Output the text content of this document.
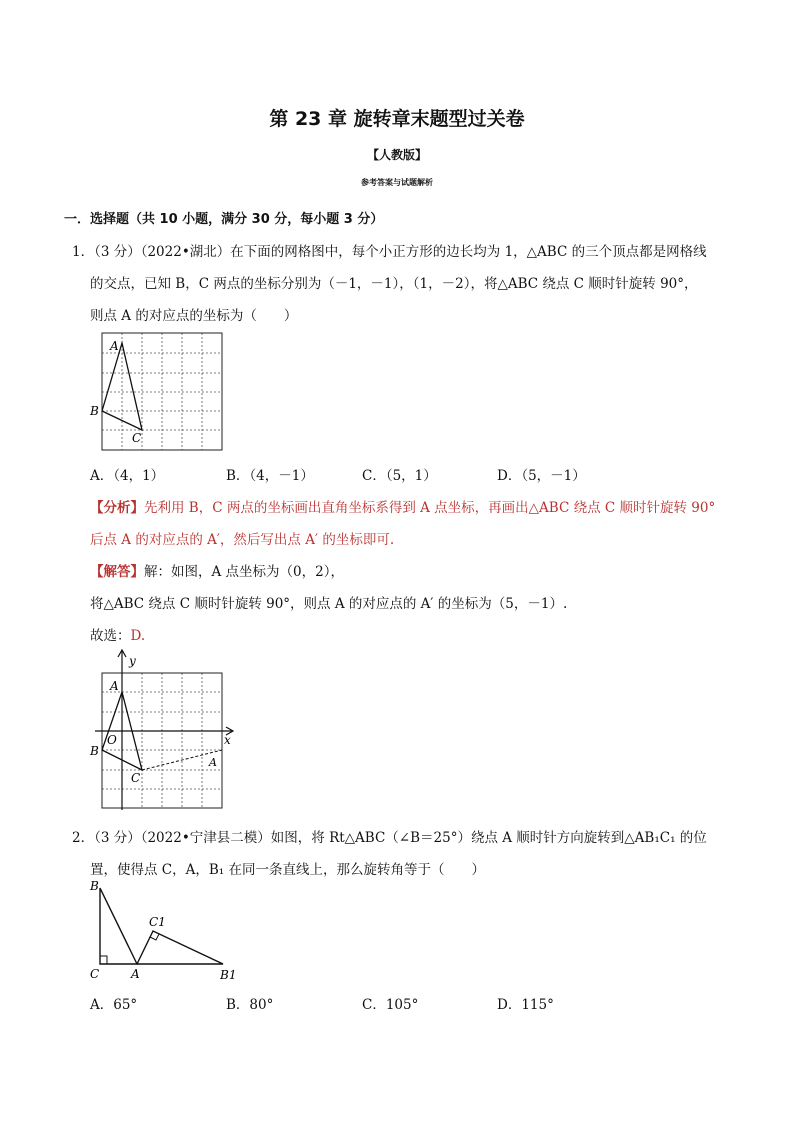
第 23 章 旋转章末题型过关卷
【人教版】
参考答案与试题解析
一．选择题（共 10 小题，满分 30 分，每小题 3 分）
1．（3 分）（2022•湖北）在下面的网格图中，每个小正方形的边长均为 1，△ABC 的三个顶点都是网格线
的交点，已知 B，C 两点的坐标分别为（－1，－1），（1，－2），将△ABC 绕点 C 顺时针旋转 90°，
则点 A 的对应点的坐标为（　　）
A
B
C
A．（4，1）	B．（4，－1）	C．（5，1）	D．（5，－1）
【分析】先利用 B，C 两点的坐标画出直角坐标系得到 A 点坐标，再画出△ABC 绕点 C 顺时针旋转 90°
后点 A 的对应点的 A′，然后写出点 A′ 的坐标即可.
【解答】解：如图，A 点坐标为（0，2），
将△ABC 绕点 C 顺时针旋转 90°，则点 A 的对应点的 A′ 的坐标为（5，－1）.
故选：D.
y
x
A
O
B
C
A
2．（3 分）（2022•宁津县二模）如图，将 Rt△ABC（∠B＝25°）绕点 A 顺时针方向旋转到△AB₁C₁ 的位
置，使得点 C，A，B₁ 在同一条直线上，那么旋转角等于（　　）
B
C	A
C1
B1
A．65°	B．80°	C．105°	D．115°
